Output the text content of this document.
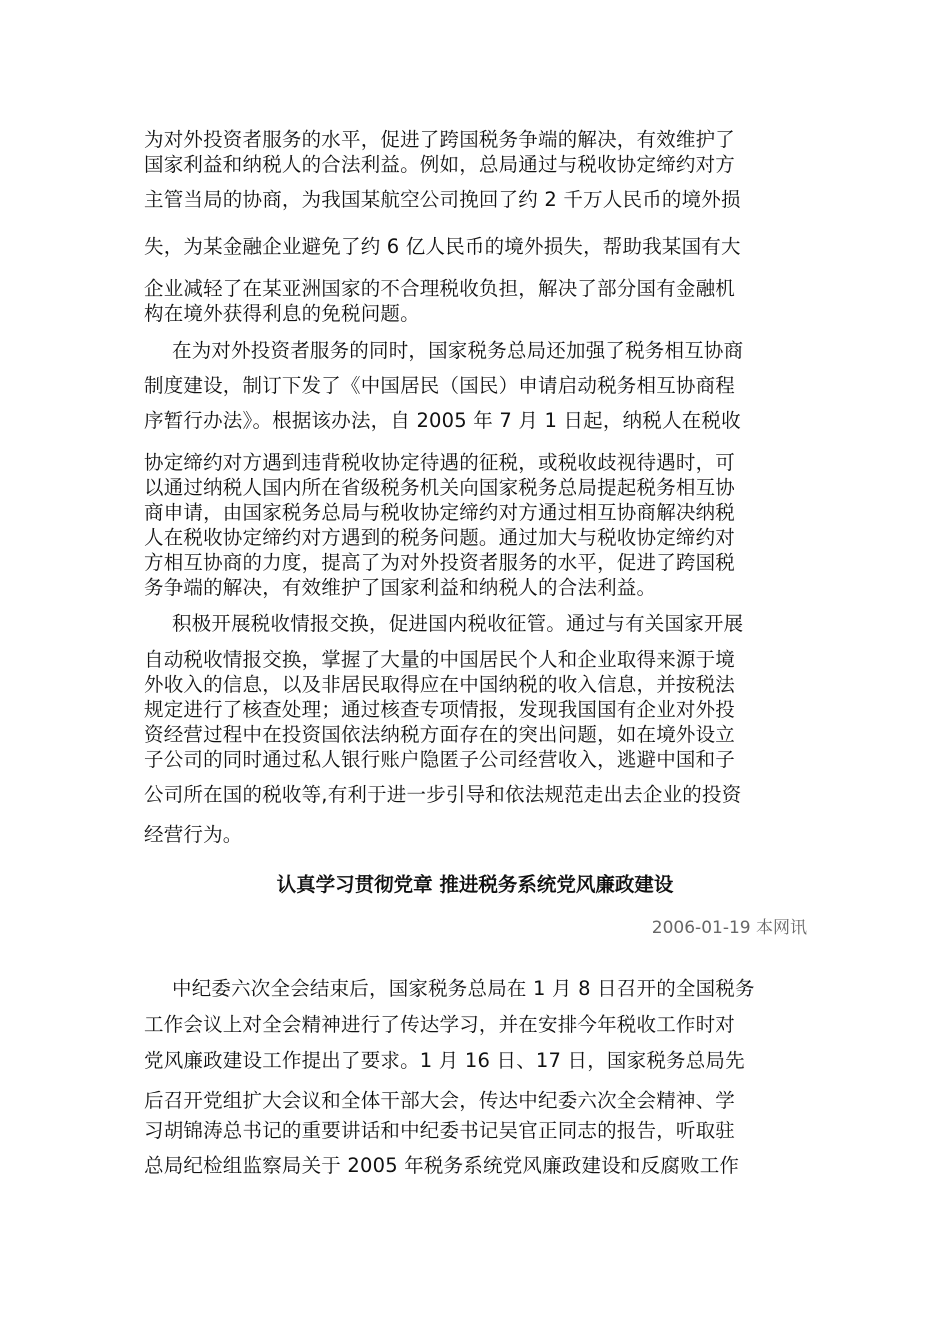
为对外投资者服务的水平，促进了跨国税务争端的解决，有效维护了
国家利益和纳税人的合法利益。例如，总局通过与税收协定缔约对方
主管当局的协商，为我国某航空公司挽回了约 2 千万人民币的境外损
失，为某金融企业避免了约 6 亿人民币的境外损失，帮助我某国有大
企业减轻了在某亚洲国家的不合理税收负担，解决了部分国有金融机
构在境外获得利息的免税问题。
在为对外投资者服务的同时，国家税务总局还加强了税务相互协商
制度建设，制订下发了《中国居民（国民）申请启动税务相互协商程
序暂行办法》。根据该办法，自 2005 年 7 月 1 日起，纳税人在税收
协定缔约对方遇到违背税收协定待遇的征税，或税收歧视待遇时，可
以通过纳税人国内所在省级税务机关向国家税务总局提起税务相互协
商申请，由国家税务总局与税收协定缔约对方通过相互协商解决纳税
人在税收协定缔约对方遇到的税务问题。通过加大与税收协定缔约对
方相互协商的力度，提高了为对外投资者服务的水平，促进了跨国税
务争端的解决，有效维护了国家利益和纳税人的合法利益。
积极开展税收情报交换，促进国内税收征管。通过与有关国家开展
自动税收情报交换，掌握了大量的中国居民个人和企业取得来源于境
外收入的信息，以及非居民取得应在中国纳税的收入信息，并按税法
规定进行了核查处理；通过核查专项情报，发现我国国有企业对外投
资经营过程中在投资国依法纳税方面存在的突出问题，如在境外设立
子公司的同时通过私人银行账户隐匿子公司经营收入，逃避中国和子
公司所在国的税收等,有利于进一步引导和依法规范走出去企业的投资
经营行为。
认真学习贯彻党章 推进税务系统党风廉政建设
2006-01-19 本网讯
中纪委六次全会结束后，国家税务总局在 1 月 8 日召开的全国税务
工作会议上对全会精神进行了传达学习，并在安排今年税收工作时对
党风廉政建设工作提出了要求。1 月 16 日、17 日，国家税务总局先
后召开党组扩大会议和全体干部大会，传达中纪委六次全会精神、学
习胡锦涛总书记的重要讲话和中纪委书记吴官正同志的报告，听取驻
总局纪检组监察局关于 2005 年税务系统党风廉政建设和反腐败工作
